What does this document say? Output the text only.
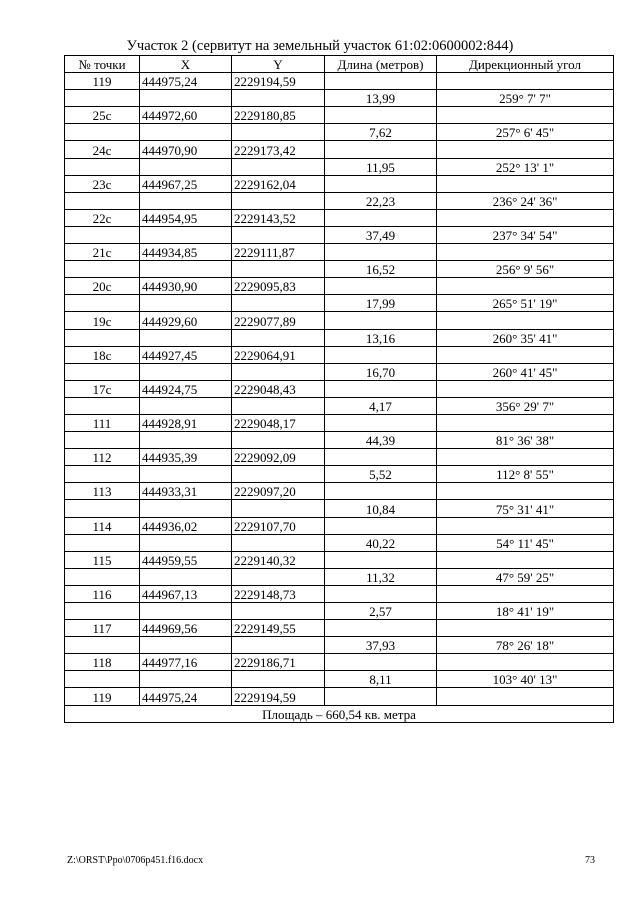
Участок 2 (сервитут на земельный участок 61:02:0600002:844)
№ точки	X	Y	Длина (метров)	Дирекционный угол
119	444975,24	2229194,59		
			13,99	259° 7' 7"
25с	444972,60	2229180,85		
			7,62	257° 6' 45"
24с	444970,90	2229173,42		
			11,95	252° 13' 1"
23с	444967,25	2229162,04		
			22,23	236° 24' 36"
22с	444954,95	2229143,52		
			37,49	237° 34' 54"
21с	444934,85	2229111,87		
			16,52	256° 9' 56"
20с	444930,90	2229095,83		
			17,99	265° 51' 19"
19с	444929,60	2229077,89		
			13,16	260° 35' 41"
18с	444927,45	2229064,91		
			16,70	260° 41' 45"
17с	444924,75	2229048,43		
			4,17	356° 29' 7"
111	444928,91	2229048,17		
			44,39	81° 36' 38"
112	444935,39	2229092,09		
			5,52	112° 8' 55"
113	444933,31	2229097,20		
			10,84	75° 31' 41"
114	444936,02	2229107,70		
			40,22	54° 11' 45"
115	444959,55	2229140,32		
			11,32	47° 59' 25"
116	444967,13	2229148,73		
			2,57	18° 41' 19"
117	444969,56	2229149,55		
			37,93	78° 26' 18"
118	444977,16	2229186,71		
			8,11	103° 40' 13"
119	444975,24	2229194,59		
Площадь – 660,54 кв. метра				
Z:\ORST\Ppo\0706p451.f16.docx	73
